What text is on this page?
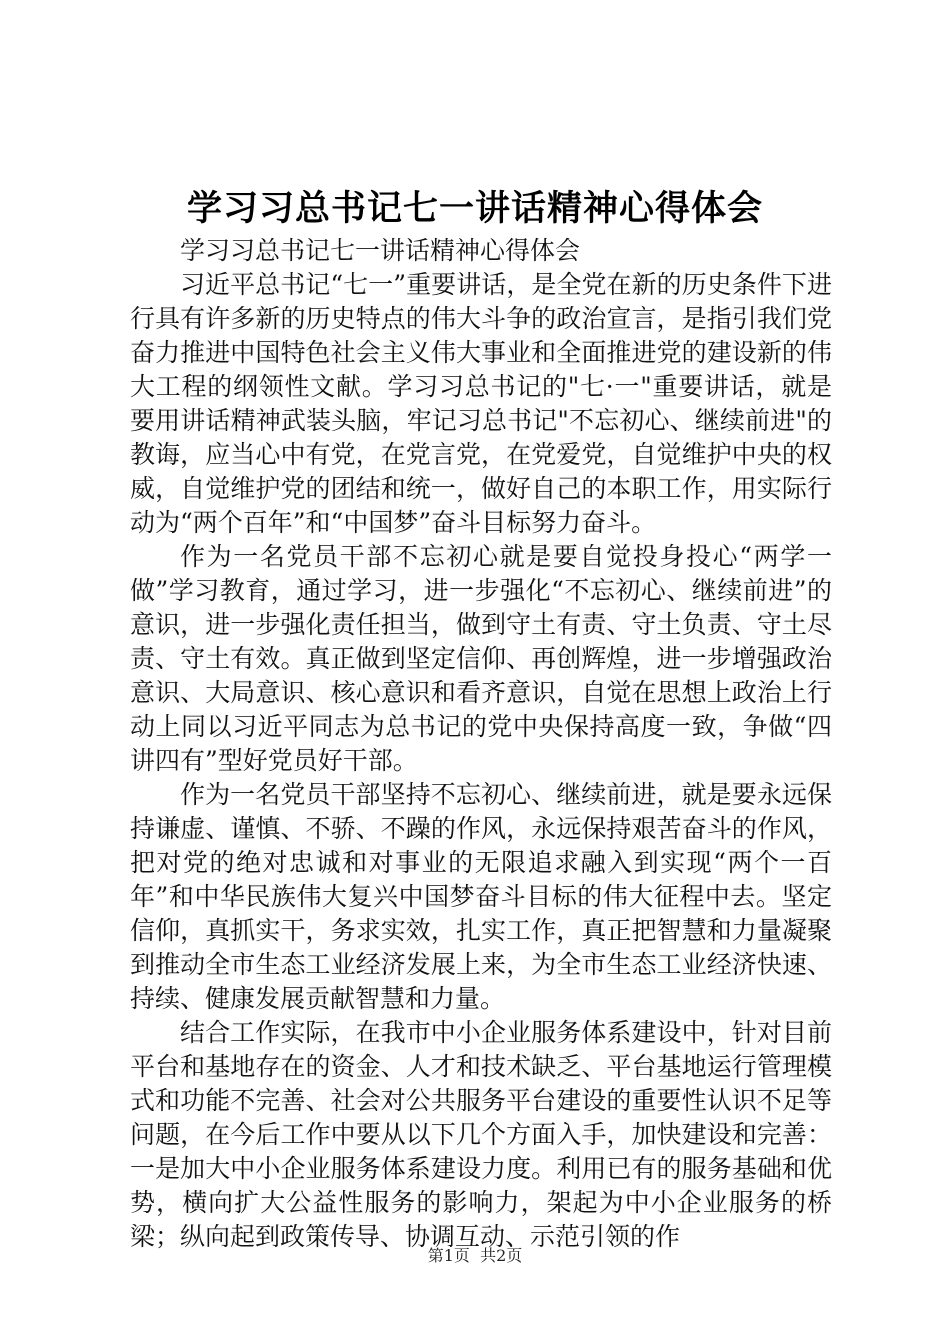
学习习总书记七一讲话精神心得体会

学习习总书记七一讲话精神心得体会

习近平总书记“七一”重要讲话，是全党在新的历史条件下进行具有许多新的历史特点的伟大斗争的政治宣言，是指引我们党奋力推进中国特色社会主义伟大事业和全面推进党的建设新的伟大工程的纲领性文献。学习习总书记的"七·一"重要讲话，就是要用讲话精神武装头脑，牢记习总书记"不忘初心、继续前进"的教诲，应当心中有党，在党言党，在党爱党，自觉维护中央的权威，自觉维护党的团结和统一，做好自己的本职工作，用实际行动为“两个百年”和“中国梦”奋斗目标努力奋斗。

作为一名党员干部不忘初心就是要自觉投身投心“两学一做”学习教育，通过学习，进一步强化“不忘初心、继续前进”的意识，进一步强化责任担当，做到守土有责、守土负责、守土尽责、守土有效。真正做到坚定信仰、再创辉煌，进一步增强政治意识、大局意识、核心意识和看齐意识，自觉在思想上政治上行动上同以习近平同志为总书记的党中央保持高度一致，争做“四讲四有”型好党员好干部。

作为一名党员干部坚持不忘初心、继续前进，就是要永远保持谦虚、谨慎、不骄、不躁的作风，永远保持艰苦奋斗的作风，把对党的绝对忠诚和对事业的无限追求融入到实现“两个一百年”和中华民族伟大复兴中国梦奋斗目标的伟大征程中去。坚定信仰，真抓实干，务求实效，扎实工作，真正把智慧和力量凝聚到推动全市生态工业经济发展上来，为全市生态工业经济快速、持续、健康发展贡献智慧和力量。

结合工作实际，在我市中小企业服务体系建设中，针对目前平台和基地存在的资金、人才和技术缺乏、平台基地运行管理模式和功能不完善、社会对公共服务平台建设的重要性认识不足等问题，在今后工作中要从以下几个方面入手，加快建设和完善：一是加大中小企业服务体系建设力度。利用已有的服务基础和优势，横向扩大公益性服务的影响力，架起为中小企业服务的桥梁；纵向起到政策传导、协调互动、示范引领的作

第1页 共2页
